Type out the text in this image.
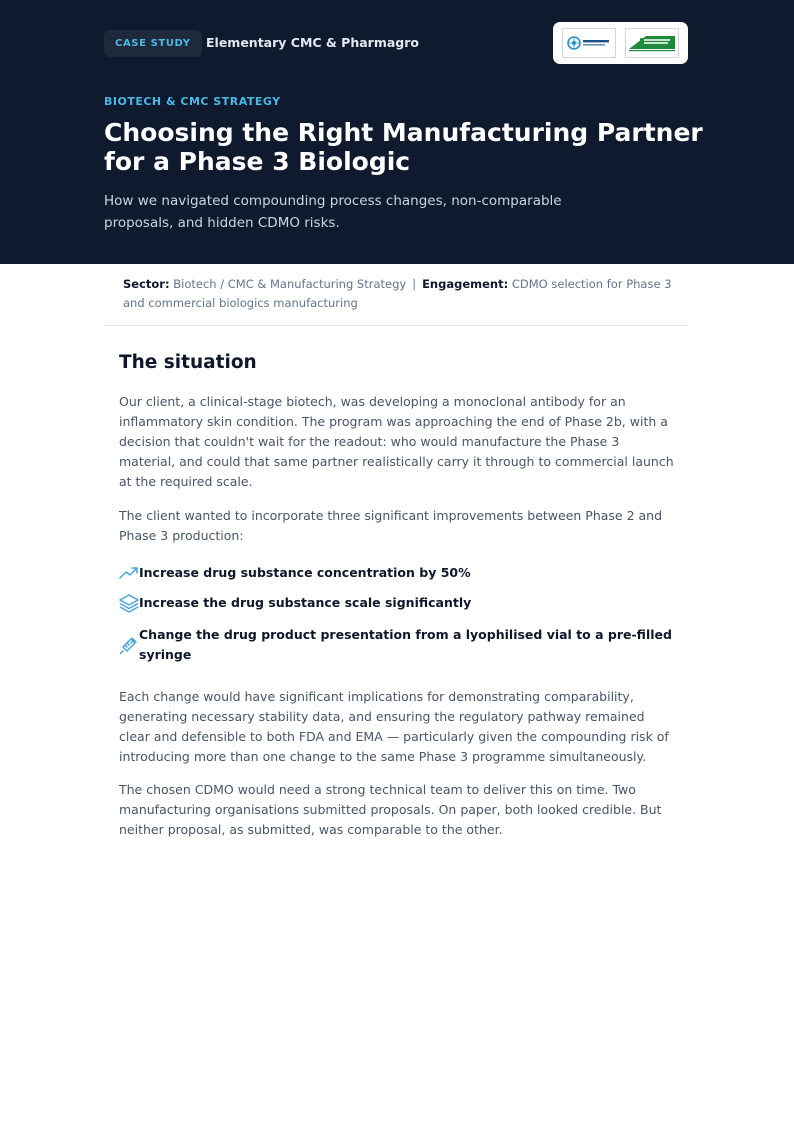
CASE STUDY	Elementary CMC & Pharmagro
BIOTECH & CMC STRATEGY
Choosing the Right Manufacturing Partner for a Phase 3 Biologic

How we navigated compounding process changes, non-comparable proposals, and hidden CDMO risks.

Sector: Biotech / CMC & Manufacturing Strategy | Engagement: CDMO selection for Phase 3 and commercial biologics manufacturing
The situation

Our client, a clinical-stage biotech, was developing a monoclonal antibody for an inflammatory skin condition. The program was approaching the end of Phase 2b, with a decision that couldn't wait for the readout: who would manufacture the Phase 3 material, and could that same partner realistically carry it through to commercial launch at the required scale.

The client wanted to incorporate three significant improvements between Phase 2 and Phase 3 production:

Increase drug substance concentration by 50%
Increase the drug substance scale significantly
Change the drug product presentation from a lyophilised vial to a pre-filled syringe

Each change would have significant implications for demonstrating comparability, generating necessary stability data, and ensuring the regulatory pathway remained clear and defensible to both FDA and EMA — particularly given the compounding risk of introducing more than one change to the same Phase 3 programme simultaneously.

The chosen CDMO would need a strong technical team to deliver this on time. Two manufacturing organisations submitted proposals. On paper, both looked credible. But neither proposal, as submitted, was comparable to the other.
